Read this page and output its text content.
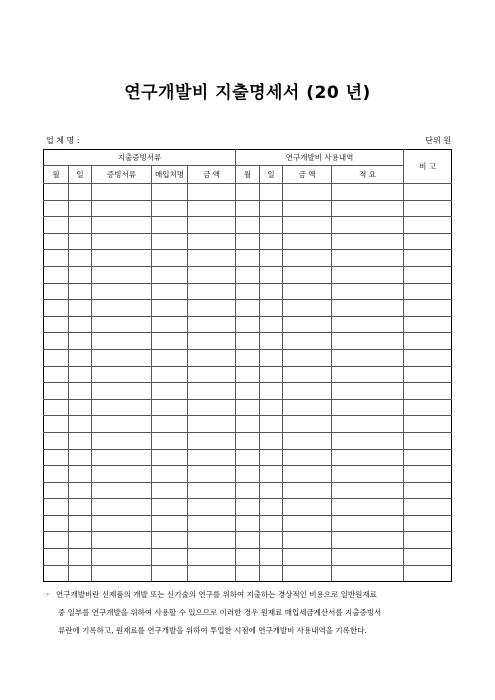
연구개발비 지출명세서 (20 년)
업 체 명 :	단위 원
지출증빙서류					연구개발비 사용내역				비 고
월	일	증빙서류	매입처명	금 액	월	일	금 액	적 요	

☞ 연구개발비란 신제품의 개발 또는 신기술의 연구를 위하여 지출하는 경상적인 비용으로 일반원재료
중 일부를 연구개발을 위하여 사용할 수 있으므로 이러한 경우 원재료 매입세금계산서를 지출증빙서
류란에 기록하고, 원재료를 연구개발을 위하여 투입한 시점에 연구개발비 사용내역을 기록한다.
